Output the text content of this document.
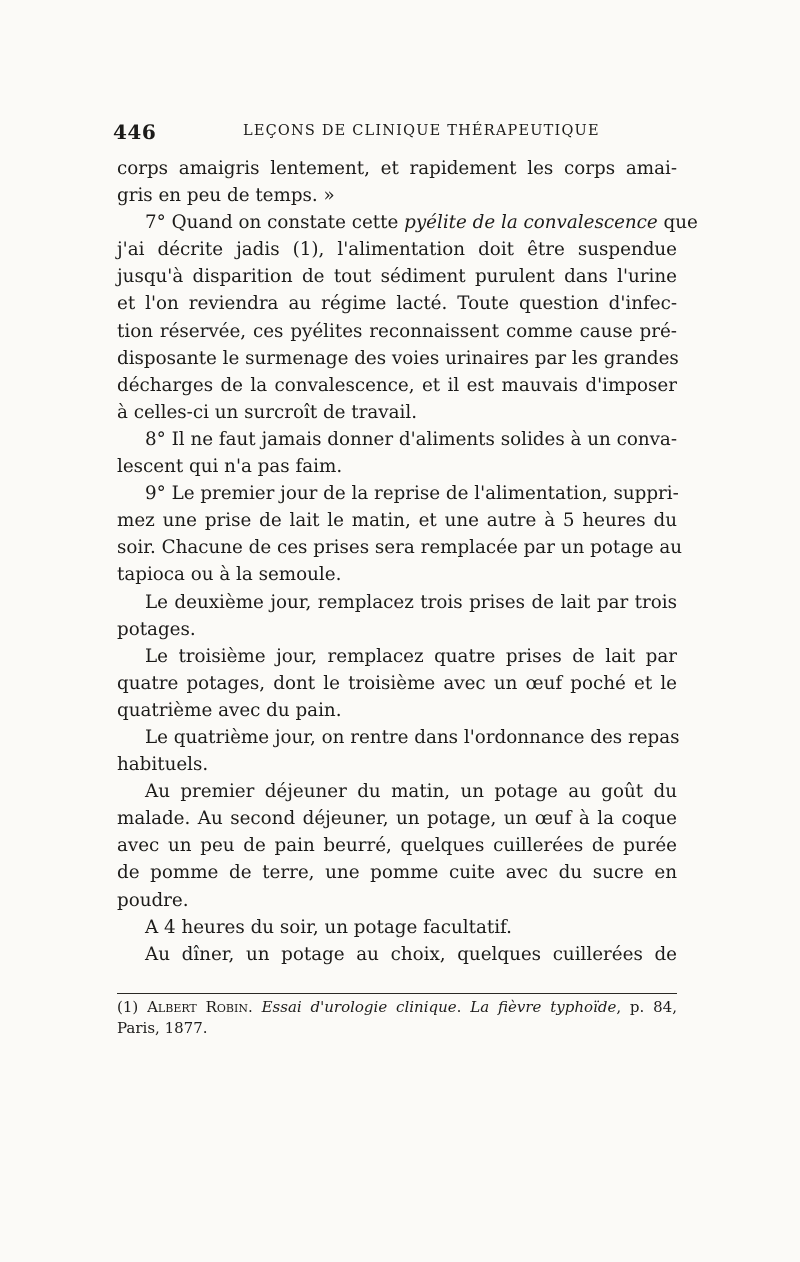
446	LEÇONS DE CLINIQUE THÉRAPEUTIQUE
corps amaigris lentement, et rapidement les corps amai-
gris en peu de temps. »
7° Quand on constate cette pyélite de la convalescence que
j'ai décrite jadis (1), l'alimentation doit être suspendue
jusqu'à disparition de tout sédiment purulent dans l'urine
et l'on reviendra au régime lacté. Toute question d'infec-
tion réservée, ces pyélites reconnaissent comme cause pré-
disposante le surmenage des voies urinaires par les grandes
décharges de la convalescence, et il est mauvais d'imposer
à celles-ci un surcroît de travail.
8° Il ne faut jamais donner d'aliments solides à un conva-
lescent qui n'a pas faim.
9° Le premier jour de la reprise de l'alimentation, suppri-
mez une prise de lait le matin, et une autre à 5 heures du
soir. Chacune de ces prises sera remplacée par un potage au
tapioca ou à la semoule.
Le deuxième jour, remplacez trois prises de lait par trois
potages.
Le troisième jour, remplacez quatre prises de lait par
quatre potages, dont le troisième avec un œuf poché et le
quatrième avec du pain.
Le quatrième jour, on rentre dans l'ordonnance des repas
habituels.
Au premier déjeuner du matin, un potage au goût du
malade. Au second déjeuner, un potage, un œuf à la coque
avec un peu de pain beurré, quelques cuillerées de purée
de pomme de terre, une pomme cuite avec du sucre en
poudre.
A 4 heures du soir, un potage facultatif.
Au dîner, un potage au choix, quelques cuillerées de
(1) Albert Robin. Essai d'urologie clinique. La fièvre typhoïde, p. 84,
Paris, 1877.
